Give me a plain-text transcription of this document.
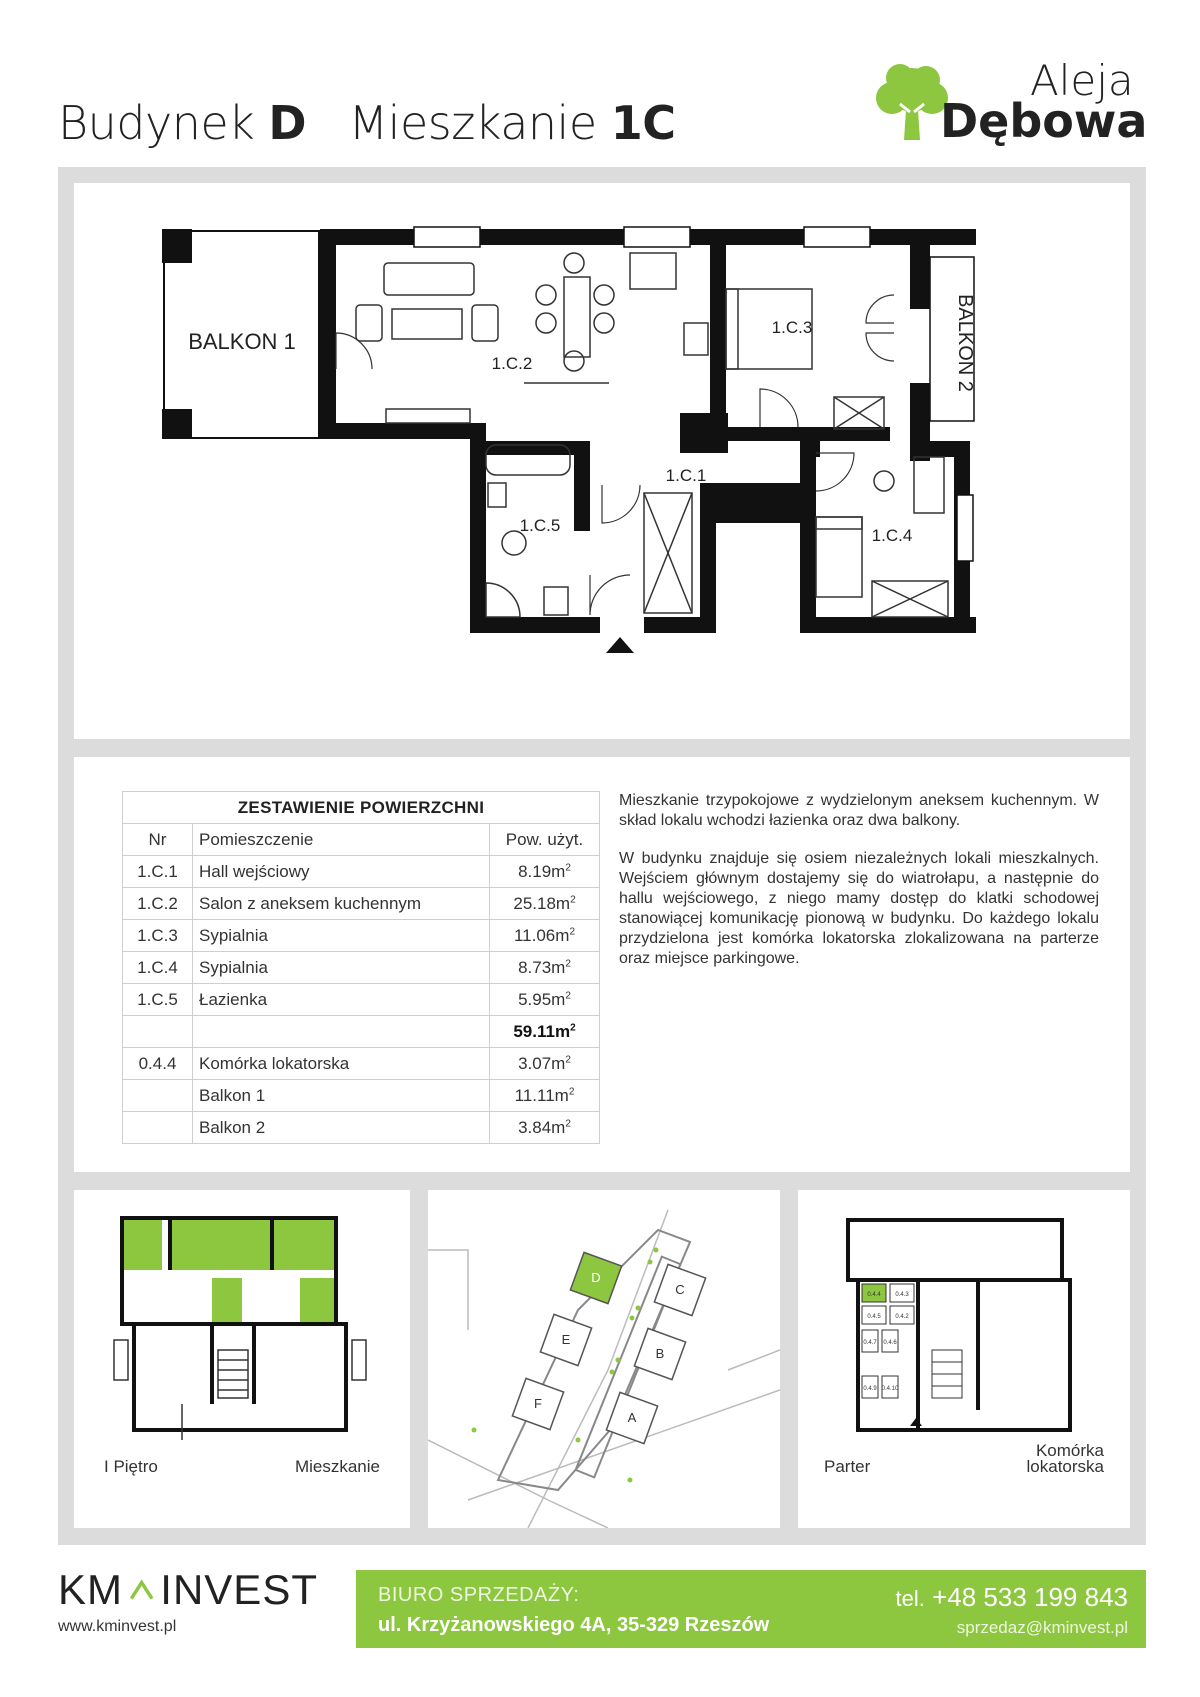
Budynek D Mieszkanie 1C
Aleja
Dębowa
BALKON 1	BALKON 2
1.C.2
1.C.3
1.C.1
1.C.5
1.C.4
ZESTAWIENIE POWIERZCHNI		
Nr	Pomieszczenie	Pow. użyt.
1.C.1	Hall wejściowy	$8.19m^2$
1.C.2	Salon z aneksem kuchennym	$25.18m^2$
1.C.3	Sypialnia	$11.06m^2$
1.C.4	Sypialnia	$8.73m^2$
1.C.5	Łazienka	$5.95m^2$
		$59.11m^2$
0.4.4	Komórka lokatorska	$3.07m^2$
	Balkon 1	$11.11m^2$
	Balkon 2	$3.84m^2$

Mieszkanie trzypokojowe z wydzielonym aneksem kuchennym. W skład lokalu wchodzi łazienka oraz dwa balkony.

W budynku znajduje się osiem niezależnych lokali mieszkalnych. Wejściem głównym dostajemy się do wiatrołapu, a następnie do hallu wejściowego, z niego mamy dostęp do klatki schodowej stanowiącej komunikację pionową w budynku. Do każdego lokalu przydzielona jest komórka lokatorska zlokalizowana na parterze oraz miejsce parkingowe.

I Piętro	Mieszkanie
A
B
C
D
E
F
0.4.4 0.4.3
0.4.5 0.4.2
0.4.7 0.4.6
0.4.9 0.4.10
Parter
Komórka
lokatorska
KM INVEST
www.kminvest.pl
BIURO SPRZEDAŻY:
ul. Krzyżanowskiego 4A, 35-329 Rzeszów
tel. +48 533 199 843
sprzedaz@kminvest.pl
